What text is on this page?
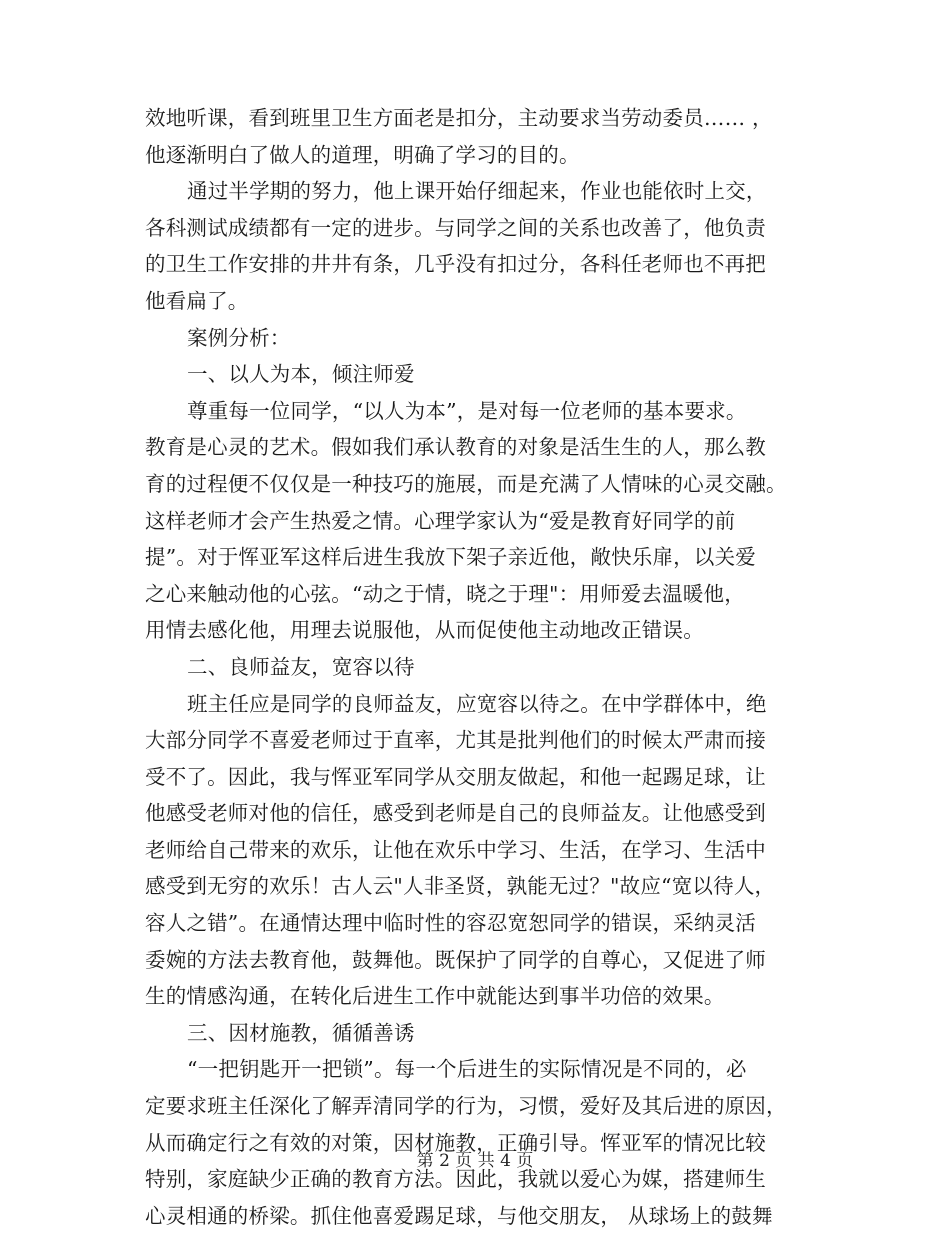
效地听课，看到班里卫生方面老是扣分，主动要求当劳动委员…… ，
他逐渐明白了做人的道理，明确了学习的目的。
通过半学期的努力，他上课开始仔细起来，作业也能依时上交，
各科测试成绩都有一定的进步。与同学之间的关系也改善了，他负责
的卫生工作安排的井井有条，几乎没有扣过分，各科任老师也不再把
他看扁了。
案例分析：
一、以人为本，倾注师爱
尊重每一位同学，“以人为本”，是对每一位老师的基本要求。
教育是心灵的艺术。假如我们承认教育的对象是活生生的人，那么教
育的过程便不仅仅是一种技巧的施展，而是充满了人情味的心灵交融。
这样老师才会产生热爱之情。心理学家认为“爱是教育好同学的前
提”。对于恽亚军这样后进生我放下架子亲近他，敞快乐扉，以关爱
之心来触动他的心弦。“动之于情，晓之于理"：用师爱去温暖他，
用情去感化他，用理去说服他，从而促使他主动地改正错误。
二、良师益友，宽容以待
班主任应是同学的良师益友，应宽容以待之。在中学群体中，绝
大部分同学不喜爱老师过于直率，尤其是批判他们的时候太严肃而接
受不了。因此，我与恽亚军同学从交朋友做起，和他一起踢足球，让
他感受老师对他的信任，感受到老师是自己的良师益友。让他感受到
老师给自己带来的欢乐，让他在欢乐中学习、生活，在学习、生活中
感受到无穷的欢乐！古人云"人非圣贤，孰能无过？"故应“宽以待人，
容人之错”。在通情达理中临时性的容忍宽恕同学的错误，采纳灵活
委婉的方法去教育他，鼓舞他。既保护了同学的自尊心，又促进了师
生的情感沟通，在转化后进生工作中就能达到事半功倍的效果。
三、因材施教，循循善诱
“一把钥匙开一把锁”。每一个后进生的实际情况是不同的，必
定要求班主任深化了解弄清同学的行为，习惯，爱好及其后进的原因，
从而确定行之有效的对策，因材施教，正确引导。恽亚军的情况比较
特别，家庭缺少正确的教育方法。因此，我就以爱心为媒，搭建师生
心灵相通的桥梁。抓住他喜爱踢足球，与他交朋友， 从球场上的鼓舞
第 2 页 共 4 页
